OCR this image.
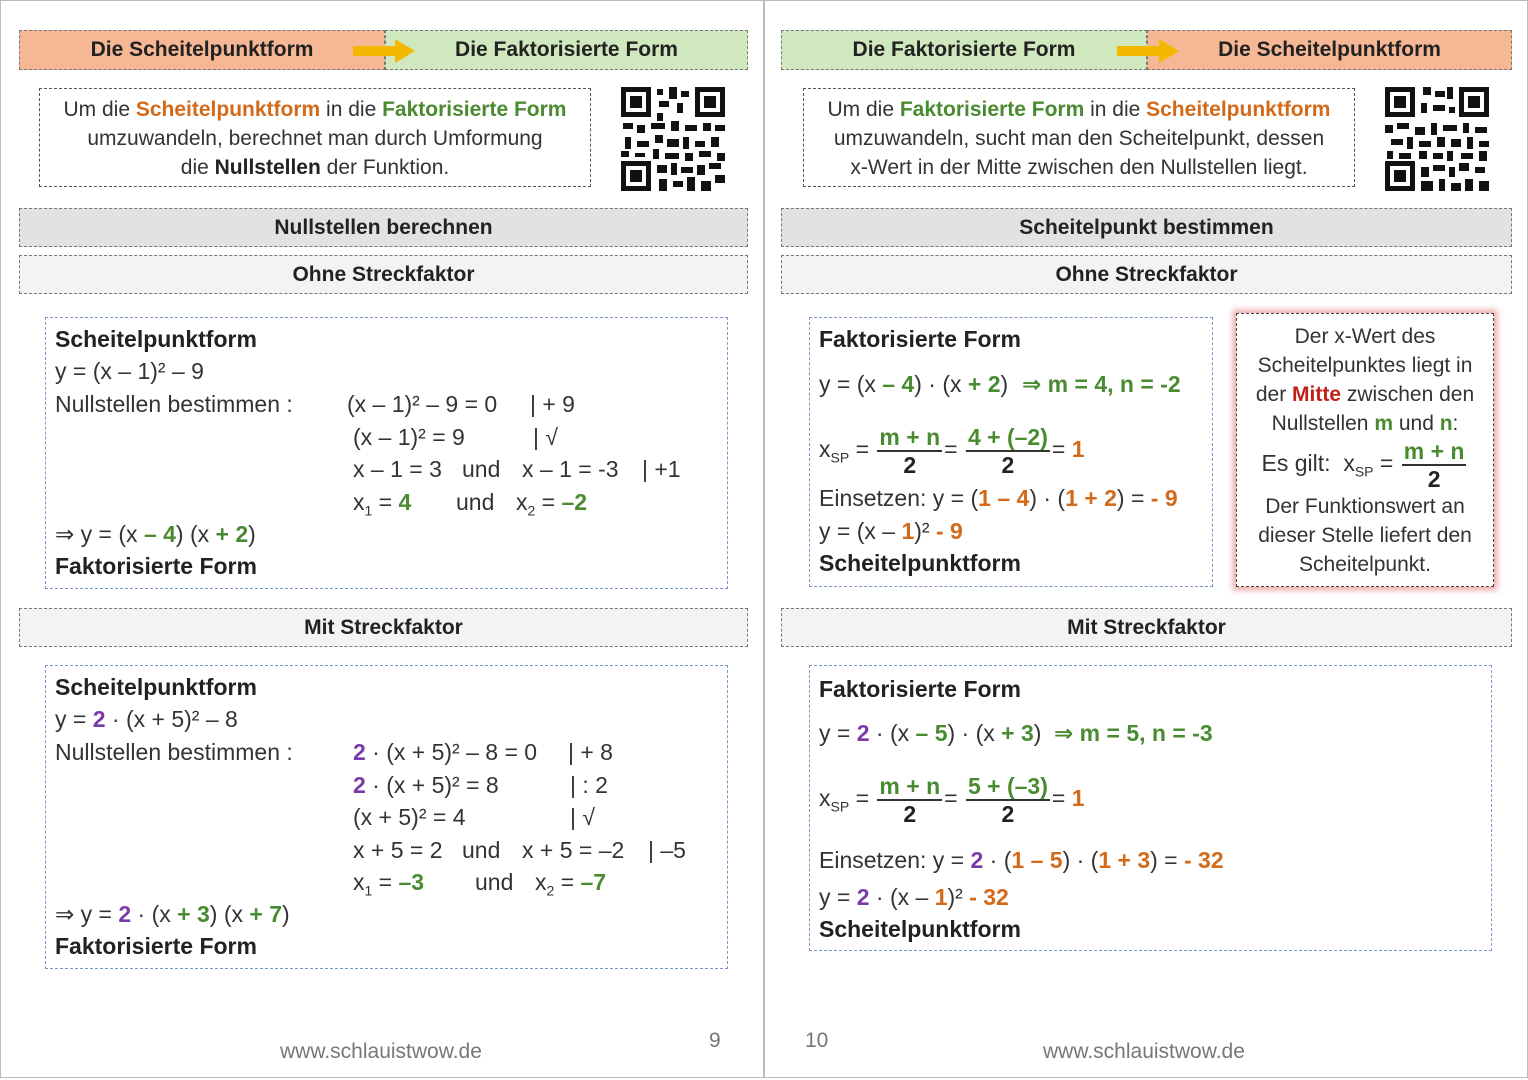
Die Scheitelpunktform	Die Faktorisierte Form
Um die Scheitelpunktform in die Faktorisierte Form
umzuwandeln, berechnet man durch Umformung
die Nullstellen der Funktion.
Nullstellen berechnen
Ohne Streckfaktor
Scheitelpunktform
y = (x – 1)² – 9
Nullstellen bestimmen : (x – 1)² – 9 = 0 | + 9
(x – 1)² = 9	| √
x – 1 = 3 und x – 1 = -3 | +1
$x_1 = 4$ und $x_2 = -2$
⇒ y = (x – 4) (x + 2)
Faktorisierte Form
Mit Streckfaktor
Scheitelpunktform
y = 2 · (x + 5)² – 8
Nullstellen bestimmen :	2 · (x + 5)² – 8 = 0 | + 8
2 · (x + 5)² = 8	| : 2
(x + 5)² = 4	| √
x + 5 = 2 und x + 5 = –2 | –5
$x_1 = -3$ und $x_2 = -7$
⇒ y = 2 · (x + 3) (x + 7)
Faktorisierte Form
www.schlauistwow.de	9
Die Faktorisierte Form	Die Scheitelpunktform
Um die Faktorisierte Form in die Scheitelpunktform
umzuwandeln, sucht man den Scheitelpunkt, dessen
x-Wert in der Mitte zwischen den Nullstellen liegt.
Scheitelpunkt bestimmen
Ohne Streckfaktor
Faktorisierte Form
y = (x – 4) · (x + 2) ⇒ m = 4, n = -2
$x_{SP} = \frac{m + n}{2} = \frac{4 + (-2)}{2} = 1$
Einsetzen: y = (1 – 4) · (1 + 2) = - 9
y = (x – 1)² - 9
Scheitelpunktform
Der x-Wert des
Scheitelpunktes liegt in
der Mitte zwischen den
Nullstellen m und n:
Es gilt: $x_{SP} = \frac{m + n}{2}$
Der Funktionswert an
dieser Stelle liefert den
Scheitelpunkt.
Mit Streckfaktor
Faktorisierte Form
y = 2 · (x – 5) · (x + 3) ⇒ m = 5, n = -3
$x_{SP} = \frac{m + n}{2} = \frac{5 + (-3)}{2} = 1$
Einsetzen: y = 2 · (1 – 5) · (1 + 3) = - 32
y = 2 · (x – 1)² - 32
Scheitelpunktform
10	www.schlauistwow.de
